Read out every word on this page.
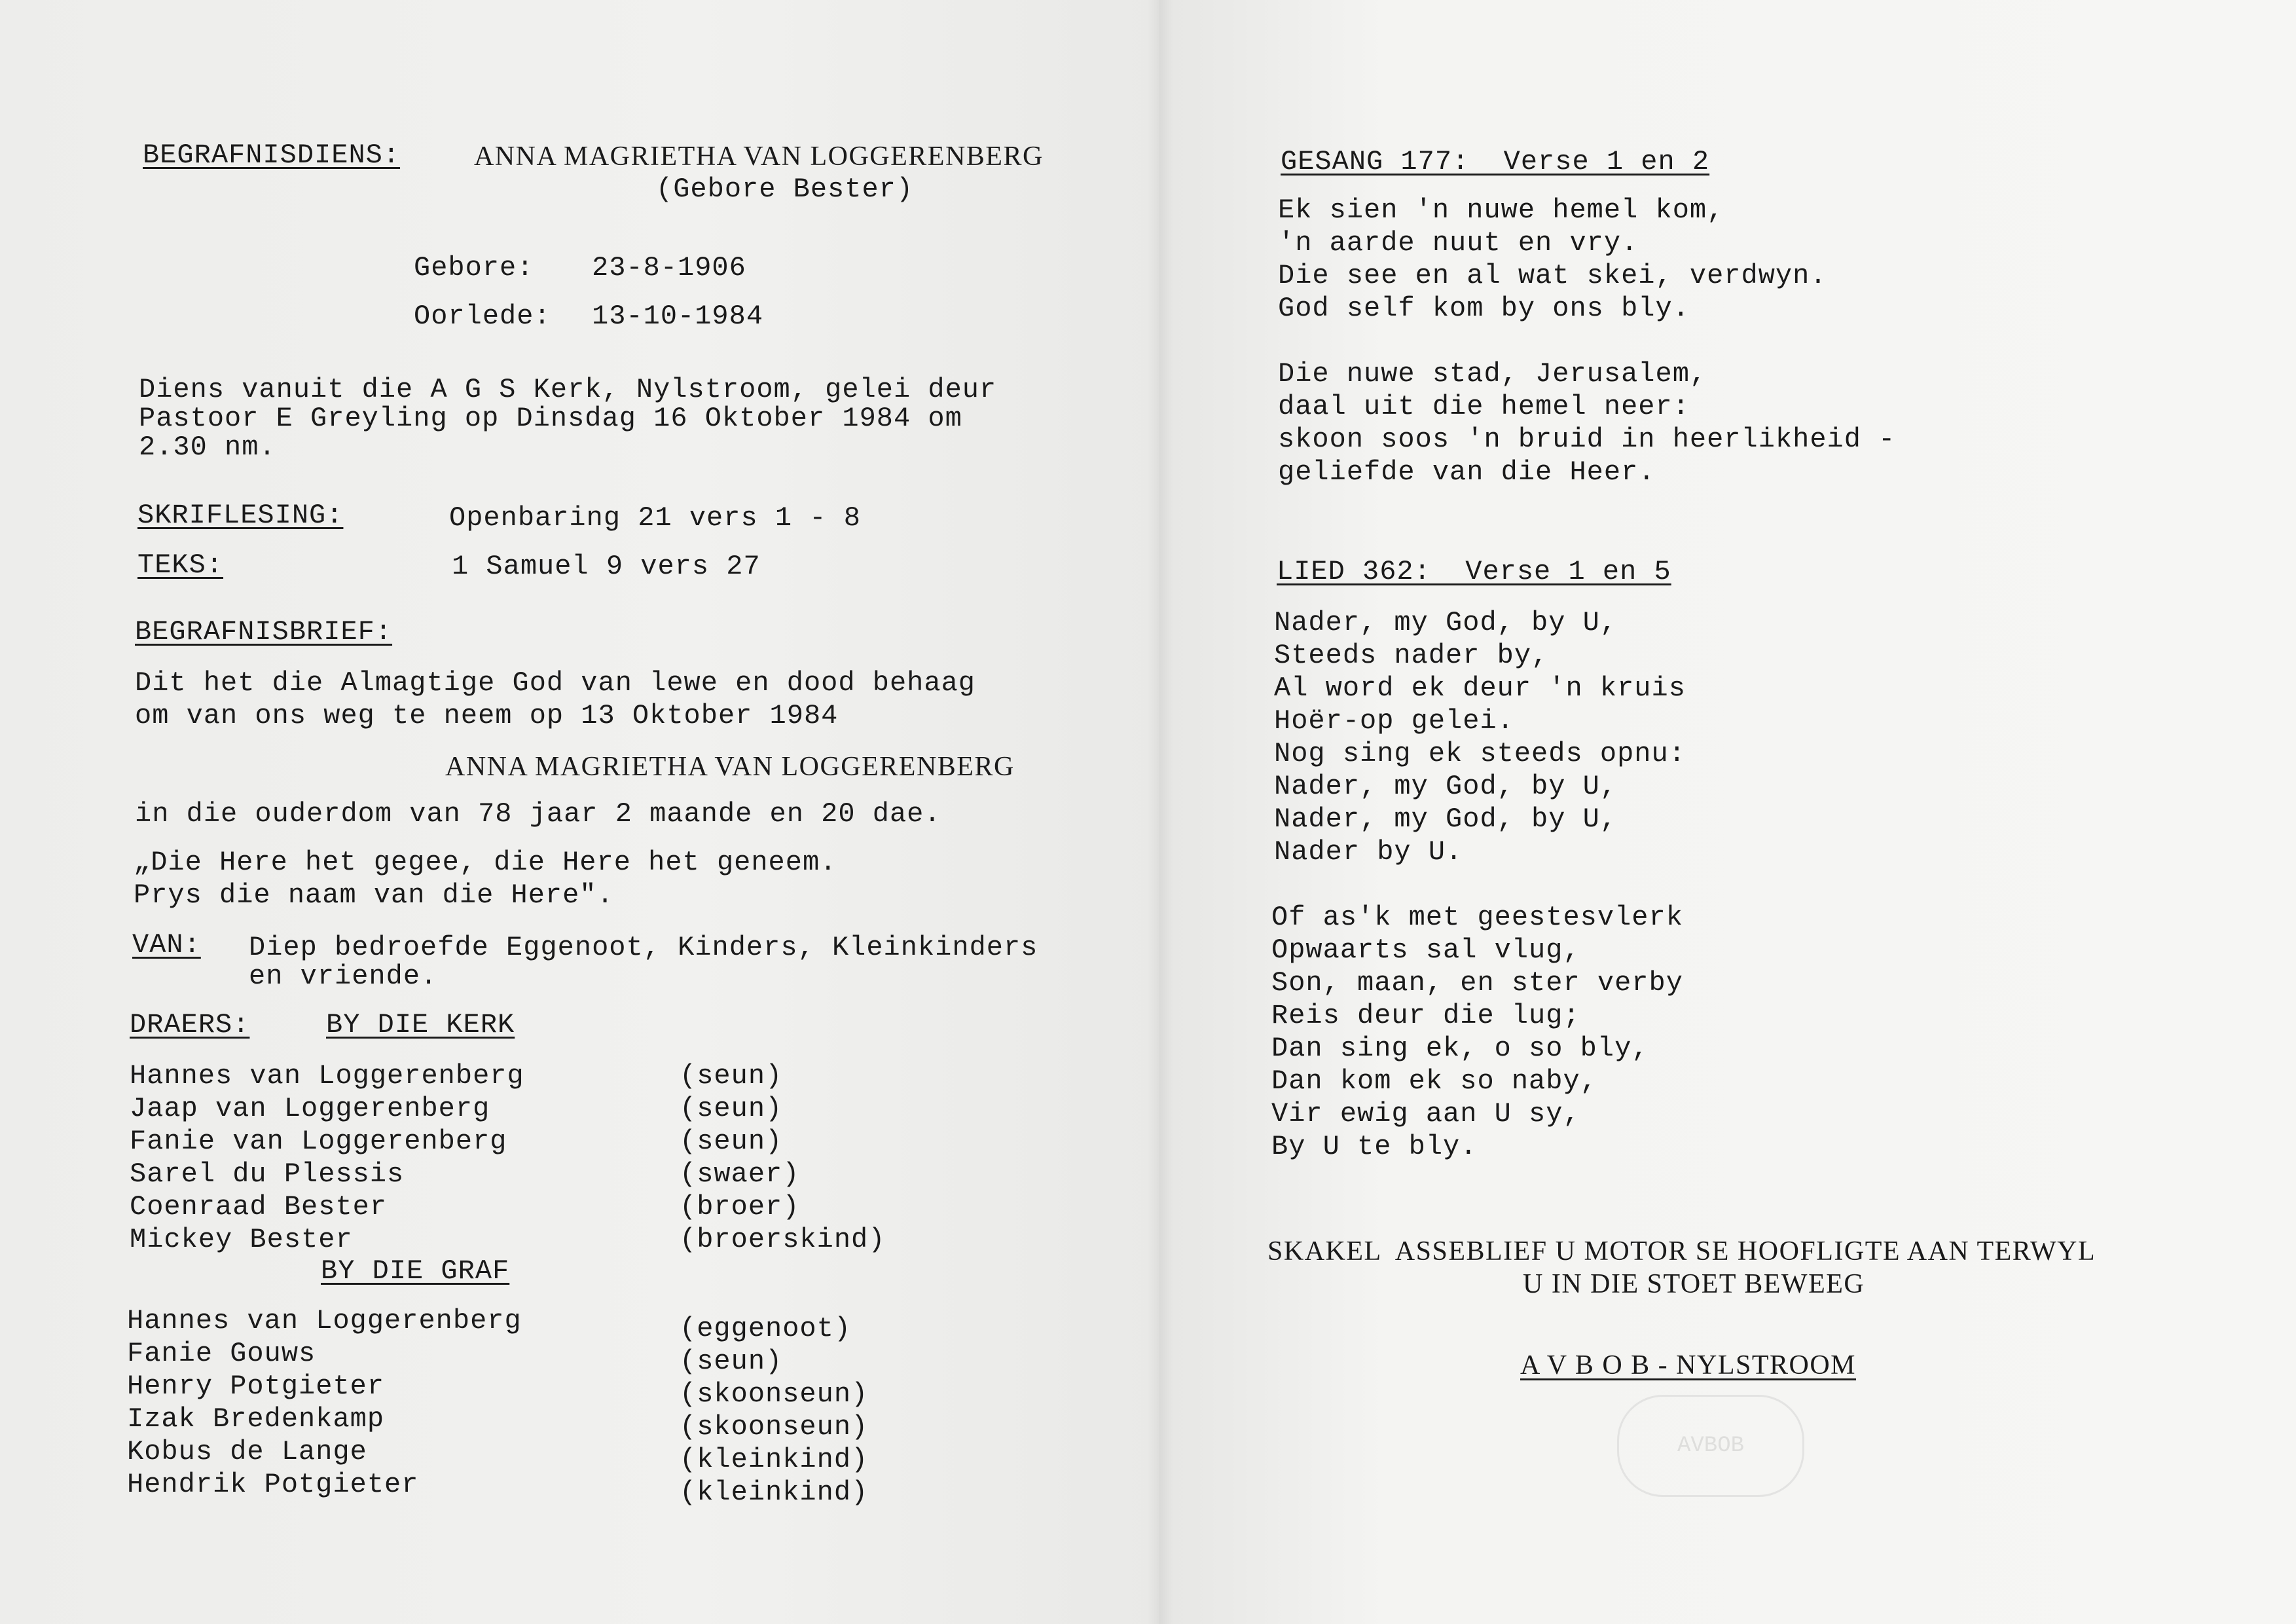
BEGRAFNISDIENS:	ANNA MAGRIETHA VAN LOGGERENBERG
(Gebore Bester)
Gebore: 23-8-1906
Oorlede: 13-10-1984
Diens vanuit die A G S Kerk, Nylstroom, gelei deur
Pastoor E Greyling op Dinsdag 16 Oktober 1984 om
2.30 nm.
SKRIFLESING:	Openbaring 21 vers 1 - 8
TEKS:	1 Samuel 9 vers 27
BEGRAFNISBRIEF:
Dit het die Almagtige God van lewe en dood behaag
om van ons weg te neem op 13 Oktober 1984
ANNA MAGRIETHA VAN LOGGERENBERG
in die ouderdom van 78 jaar 2 maande en 20 dae.
„Die Here het gegee, die Here het geneem.
Prys die naam van die Here".
VAN: Diep bedroefde Eggenoot, Kinders, Kleinkinders
en vriende.
DRAERS:	BY DIE KERK
Hannes van Loggerenberg	(seun)
Jaap van Loggerenberg	(seun)
Fanie van Loggerenberg	(seun)
Sarel du Plessis	(swaer)
Coenraad Bester	(broer)
Mickey Bester	(broerskind)
BY DIE GRAF
Hannes van Loggerenberg	(eggenoot)
Fanie Gouws	(seun)
Henry Potgieter	(skoonseun)
Izak Bredenkamp	(skoonseun)
Kobus de Lange	(kleinkind)
Hendrik Potgieter	(kleinkind)
GESANG 177:  Verse 1 en 2
Ek sien 'n nuwe hemel kom,
'n aarde nuut en vry.
Die see en al wat skei, verdwyn.
God self kom by ons bly.
Die nuwe stad, Jerusalem,
daal uit die hemel neer:
skoon soos 'n bruid in heerlikheid -
geliefde van die Heer.
LIED 362:  Verse 1 en 5
Nader, my God, by U,
Steeds nader by,
Al word ek deur 'n kruis
Hoër-op gelei.
Nog sing ek steeds opnu:
Nader, my God, by U,
Nader, my God, by U,
Nader by U.
Of as'k met geestesvlerk
Opwaarts sal vlug,
Son, maan, en ster verby
Reis deur die lug;
Dan sing ek, o so bly,
Dan kom ek so naby,
Vir ewig aan U sy,
By U te bly.
SKAKEL  ASSEBLIEF U MOTOR SE HOOFLIGTE AAN TERWYL
U IN DIE STOET BEWEEG
A V B O B - NYLSTROOM
AVBOB
